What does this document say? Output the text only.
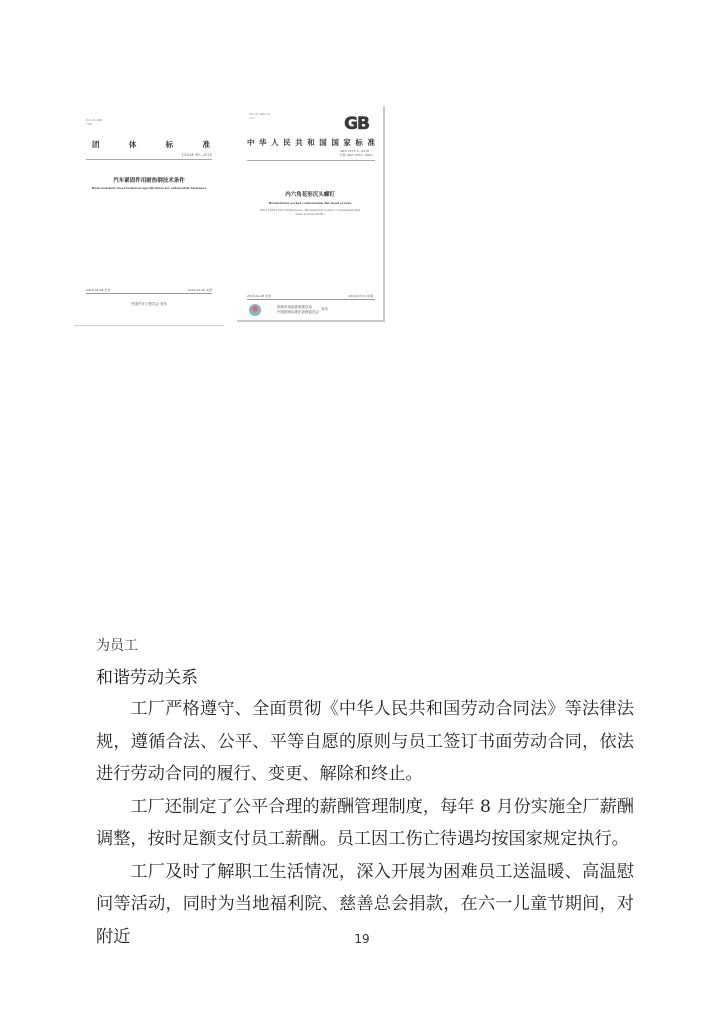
ICS 21.060
T40
团	体	标	准
T/CSAE 99—2019
汽车紧固件用耐热钢技术条件
Heat-resistant steel technical specification for automobile fasteners
2019-04-26 发布	2019-04-26 实施
中国汽车工程学会 发布
ICS 21.060.10
J 13	GB
中 华 人 民 共 和 国 国 家 标 准
GB/T 2673.1—2018
代替 GB/T 2673—2007
内六角花形沉头螺钉
Hexalobular socket countersunk flat head screws
(ISO 14581:2013,Fasteners—Hexalobular socket countersunk flat head screws,MOD)
2018-12-28 发布	2019-07-01 实施
国家市场监督管理总局
中国国家标准化管理委员会
发布
为员工
和谐劳动关系

工厂严格遵守、全面贯彻《中华人民共和国劳动合同法》等法律法规，遵循合法、公平、平等自愿的原则与员工签订书面劳动合同，依法进行劳动合同的履行、变更、解除和终止。

工厂还制定了公平合理的薪酬管理制度，每年 8 月份实施全厂薪酬调整，按时足额支付员工薪酬。员工因工伤亡待遇均按国家规定执行。

工厂及时了解职工生活情况，深入开展为困难员工送温暖、高温慰问等活动，同时为当地福利院、慈善总会捐款，在六一儿童节期间，对附近	19
